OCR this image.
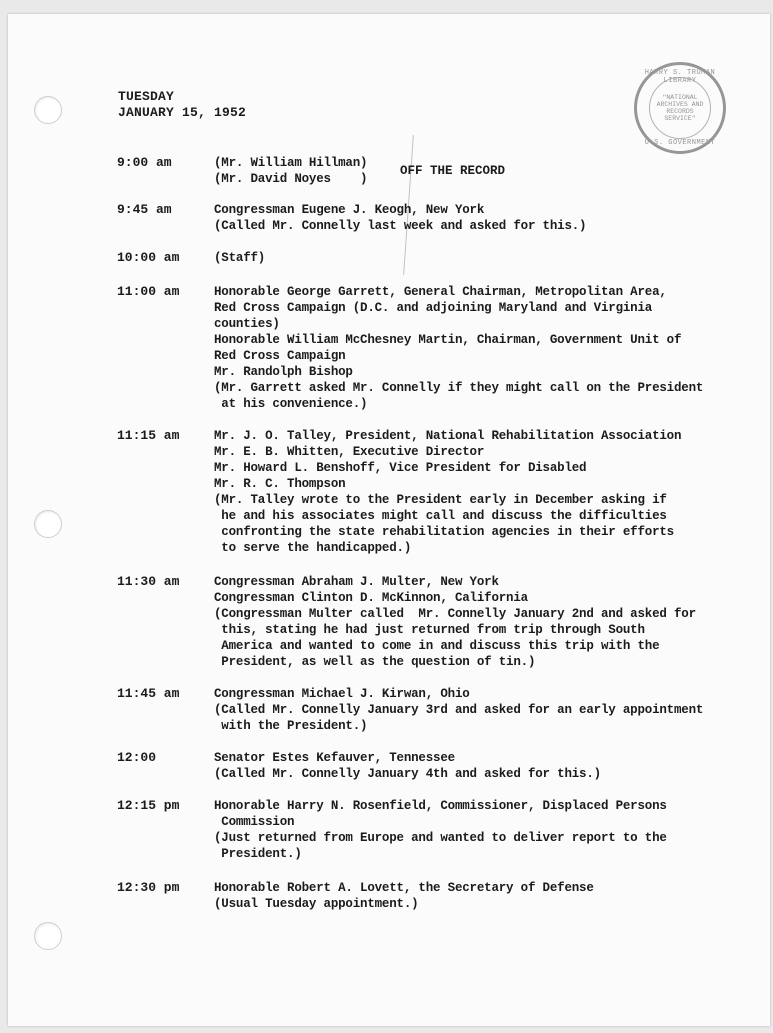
HARRY S. TRUMAN LIBRARY
"NATIONAL
ARCHIVES AND
RECORDS
SERVICE"
U.S. GOVERNMENT
TUESDAY
JANUARY 15, 1952
9:00 am	(Mr. William Hillman)
(Mr. David Noyes    )
OFF THE RECORD
9:45 am	Congressman Eugene J. Keogh, New York
(Called Mr. Connelly last week and asked for this.)
10:00 am	(Staff)
11:00 am	Honorable George Garrett, General Chairman, Metropolitan Area,
Red Cross Campaign (D.C. and adjoining Maryland and Virginia
counties)
Honorable William McChesney Martin, Chairman, Government Unit of
Red Cross Campaign
Mr. Randolph Bishop
(Mr. Garrett asked Mr. Connelly if they might call on the President
at his convenience.)
11:15 am	Mr. J. O. Talley, President, National Rehabilitation Association
Mr. E. B. Whitten, Executive Director
Mr. Howard L. Benshoff, Vice President for Disabled
Mr. R. C. Thompson
(Mr. Talley wrote to the President early in December asking if
he and his associates might call and discuss the difficulties
confronting the state rehabilitation agencies in their efforts
to serve the handicapped.)
11:30 am	Congressman Abraham J. Multer, New York
Congressman Clinton D. McKinnon, California
(Congressman Multer called  Mr. Connelly January 2nd and asked for
this, stating he had just returned from trip through South
America and wanted to come in and discuss this trip with the
President, as well as the question of tin.)
11:45 am	Congressman Michael J. Kirwan, Ohio
(Called Mr. Connelly January 3rd and asked for an early appointment
with the President.)
12:00	Senator Estes Kefauver, Tennessee
(Called Mr. Connelly January 4th and asked for this.)
12:15 pm	Honorable Harry N. Rosenfield, Commissioner, Displaced Persons
Commission
(Just returned from Europe and wanted to deliver report to the
President.)
12:30 pm	Honorable Robert A. Lovett, the Secretary of Defense
(Usual Tuesday appointment.)
